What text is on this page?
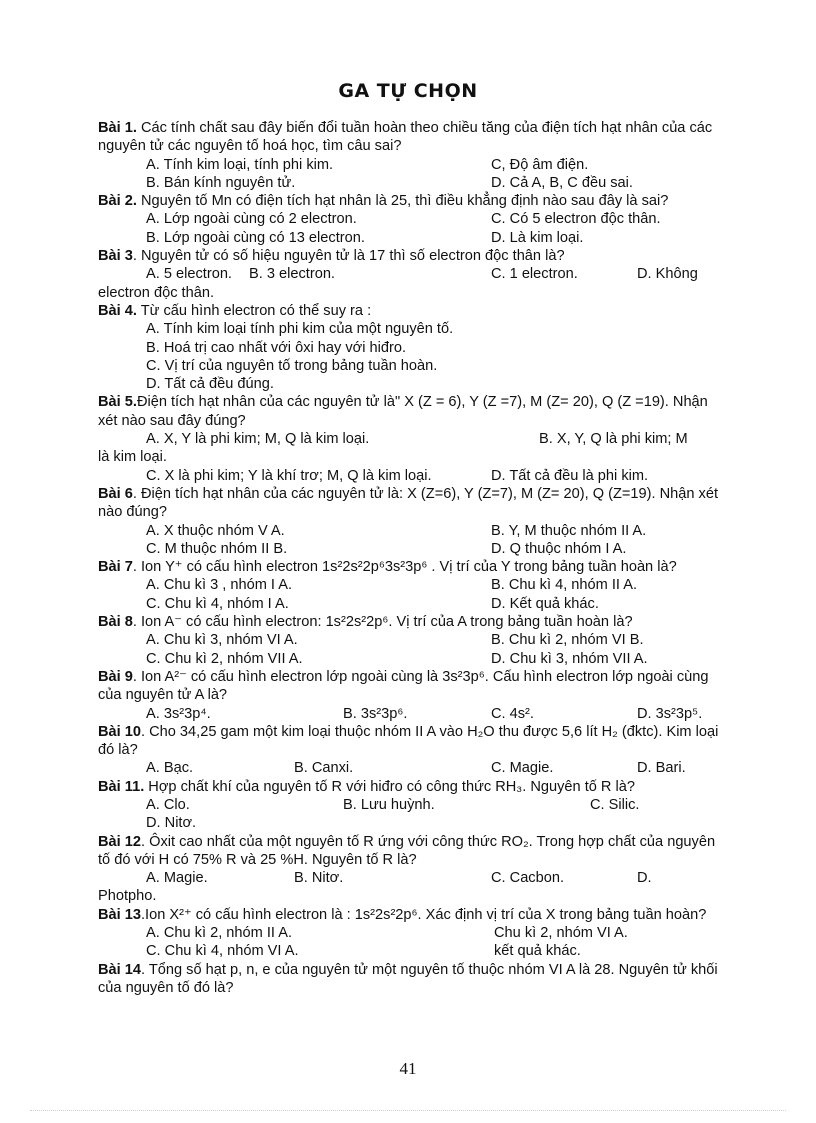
GA TỰ CHỌN

Bài 1. Các tính chất sau đây biến đổi tuần hoàn theo chiều tăng của điện tích hạt nhân của các nguyên tử các nguyên tố hoá học, tìm câu sai?

A. Tính kim loại, tính phi kim.	C, Độ âm điện.
B. Bán kính nguyên tử.	D. Cả A, B, C đều sai.

Bài 2. Nguyên tố Mn có điện tích hạt nhân là 25, thì điều khẳng định nào sau đây là sai?

A. Lớp ngoài cùng có 2 electron.	C. Có 5 electron độc thân.
B. Lớp ngoài cùng có 13 electron.	D. Là kim loại.

Bài 3. Nguyên tử có số hiệu nguyên tử là 17 thì số electron độc thân là?

A. 5 electron.	B. 3 electron.	C. 1 electron.	D. Không

electron độc thân.

Bài 4. Từ cấu hình electron có thể suy ra :

A. Tính kim loại tính phi kim của một nguyên tố.
B. Hoá trị cao nhất với ôxi hay với hiđro.
C. Vị trí của nguyên tố trong bảng tuần hoàn.
D. Tất cả đều đúng.

Bài 5.Điện tích hạt nhân của các nguyên tử là" X (Z = 6), Y (Z =7), M (Z= 20), Q (Z =19). Nhận xét nào sau đây đúng?

A. X, Y là phi kim; M, Q là kim loại.	B. X, Y, Q là phi kim; M

là kim loại.

C. X là phi kim; Y là khí trơ; M, Q là kim loại.	D. Tất cả đều là phi kim.

Bài 6. Điện tích hạt nhân của các nguyên tử là: X (Z=6), Y (Z=7), M (Z= 20), Q (Z=19). Nhận xét nào đúng?

A. X thuộc nhóm V A.	B. Y, M thuộc nhóm II A.
C. M thuộc nhóm II B.	D. Q thuộc nhóm I A.

Bài 7. Ion Y⁺ có cấu hình electron 1s²2s²2p⁶3s²3p⁶ . Vị trí của Y trong bảng tuần hoàn là?

A. Chu kì 3 , nhóm I A.	B. Chu kì 4, nhóm II A.
C. Chu kì 4, nhóm I A.	D. Kết quả khác.

Bài 8. Ion A⁻ có cấu hình electron: 1s²2s²2p⁶. Vị trí của A trong bảng tuần hoàn là?

A. Chu kì 3, nhóm VI A.	B. Chu kì 2, nhóm VI B.
C. Chu kì 2, nhóm VII A.	D. Chu kì 3, nhóm VII A.

Bài 9. Ion A²⁻ có cấu hình electron lớp ngoài cùng là 3s²3p⁶. Cấu hình electron lớp ngoài cùng của nguyên tử A là?

A. 3s²3p⁴.	B. 3s²3p⁶.	C. 4s².	D. 3s²3p⁵.

Bài 10. Cho 34,25 gam một kim loại thuộc nhóm II A vào H₂O thu được 5,6 lít H₂ (đktc). Kim loại đó là?

A. Bạc.	B. Canxi.	C. Magie.	D. Bari.

Bài 11. Hợp chất khí của nguyên tố R với hiđro có công thức RH₃. Nguyên tố R là?

A. Clo.	B. Lưu huỳnh.	C. Silic.
D. Nitơ.

Bài 12. Ôxit cao nhất của một nguyên tố R ứng với công thức RO₂. Trong hợp chất của nguyên tố đó với H có 75% R và 25 %H. Nguyên tố R là?

A. Magie.	B. Nitơ.	C. Cacbon.	D.

Photpho.

Bài 13.Ion X²⁺ có cấu hình electron là : 1s²2s²2p⁶. Xác định vị trí của X trong bảng tuần hoàn?

A. Chu kì 2, nhóm II A.	Chu kì 2, nhóm VI A.
C. Chu kì 4, nhóm VI A.	kết quả khác.

Bài 14. Tổng số hạt p, n, e của nguyên tử một nguyên tố thuộc nhóm VI A là 28. Nguyên tử khối của nguyên tố đó là?

41
